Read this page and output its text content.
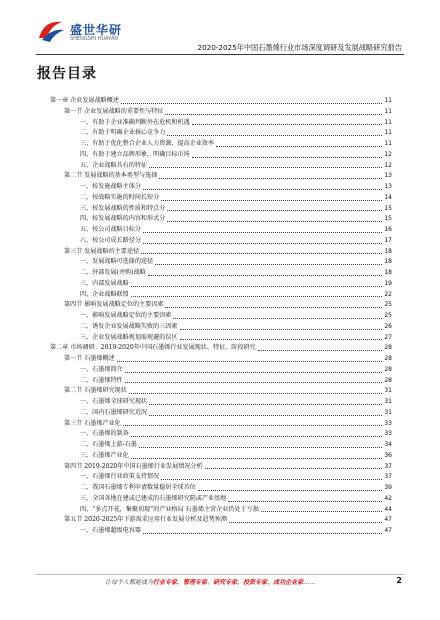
盛世华研
SHENGSHI HUAYAN
2020-2025年中国石墨烯行业市场深度调研及发展战略研究报告
报告目录
第一章 企业发展战略概述	11
第一节 企业发展战略的重要性与特征	11
一、有助于企业准确判断外在危机和机遇	11
二、有助于明确企业核心竞争力	11
三、有助于优化整合企业人力资源，提高企业效率	11
四、有助于建立品牌形象，明确目标市场	12
五、企业战略具有的特征	12
第二节 发展战略的基本类型与选择	13
一、按发施战略主体分	13
二、按战略实施的时间长短分	14
三、按发展战略的性质和特点分	15
四、按发展战略的内容和形式分	15
五、按公司战略目标分	16
六、按公司成长路径分	17
第三节 发展战略的主要途径	18
一、发展战略可选择的途径	18
二、外部发展(并购)战略	18
三、内部发展战略	19
四、企业战略联盟	22
第四节 影响发展战略定位的主要因素	25
一、影响发展战略定位的主要因素	25
二、诱发企业发展战略失败的三因素	26
三、企业发展战略规划需规避的误区	27
第二章 市场调研：2019-2020年中国石墨烯行业发展现状、特征、阶段研究	28
第一节 石墨烯概述	28
一、石墨烯简介	28
二、石墨烯特性	28
第二节 石墨烯研究现状	31
一、石墨烯全球研究现状	31
二、国内石墨烯研究近况	31
第三节 石墨烯产业化	33
一、石墨烯的制备	33
二、石墨烯上游-石墨	34
三、石墨烯产业化	36
第四节 2019-2020年中国石墨烯行业发展情况分析	37
一、石墨烯行业政策支持情况	37
二、我国石墨烯专利申请数量稳居全球首位	39
三、全国各地在建或已建成的石墨烯研究院或产业基地	42
四、“多点开花，集聚初现”的产业格局 石墨烯主营企业仍处于亏损	44
第五节 2020-2025年下游需求应用行业发展分析及趋势预测	47
一、石墨烯超级电容器	47
让每个人都能成为行业专家、管理专家、研究专家、投资专家、成功企业家……	2
